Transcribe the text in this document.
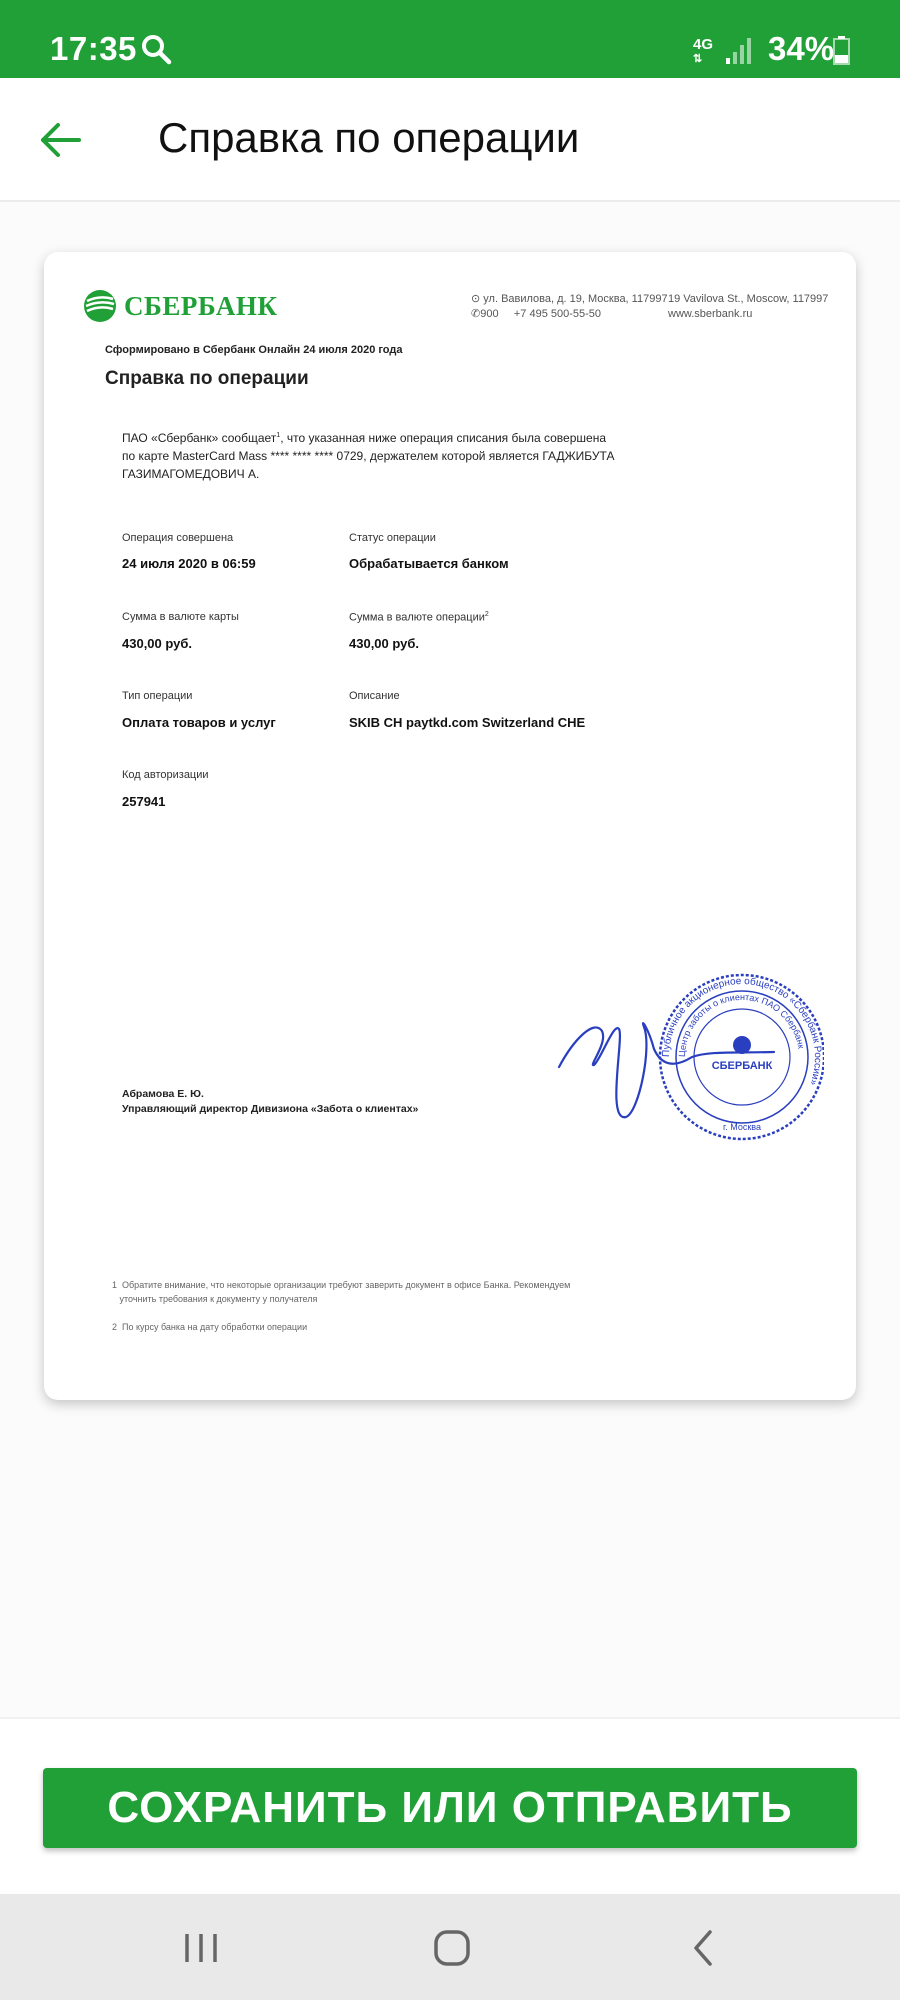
17:35	4G
⇅	34%
Справка по операции
СБЕРБАНК	⊙ ул. Вавилова, д. 19, Москва, 117997
✆900 +7 495 500-55-50
19 Vavilova St., Moscow, 117997
www.sberbank.ru
Сформировано в Сбербанк Онлайн 24 июля 2020 года
Справка по операции
ПАО «Сбербанк» сообщает$^1$, что указанная ниже операция списания была совершена по карте MasterCard Mass **** **** **** 0729, держателем которой является ГАДЖИБУТА ГАЗИМАГОМЕДОВИЧ А.
Операция совершена
24 июля 2020 в 06:59
Статус операции
Обрабатывается банком
Сумма в валюте карты
430,00 руб.
Сумма в валюте операции$^2$
430,00 руб.
Тип операции
Оплата товаров и услуг
Описание
SKIB CH paytkd.com Switzerland CHE
Код авторизации
257941
Абрамова Е. Ю.
Управляющий директор Дивизиона «Забота о клиентах»
Публичное акционерное общество «Сбербанк России»
Центр заботы о клиентах ПАО Сбербанк
СБЕРБАНК
г. Москва
1 Обратите внимание, что некоторые организации требуют заверить документ в офисе Банка. Рекомендуем
уточнить требования к документу у получателя
2 По курсу банка на дату обработки операции
СОХРАНИТЬ ИЛИ ОТПРАВИТЬ
